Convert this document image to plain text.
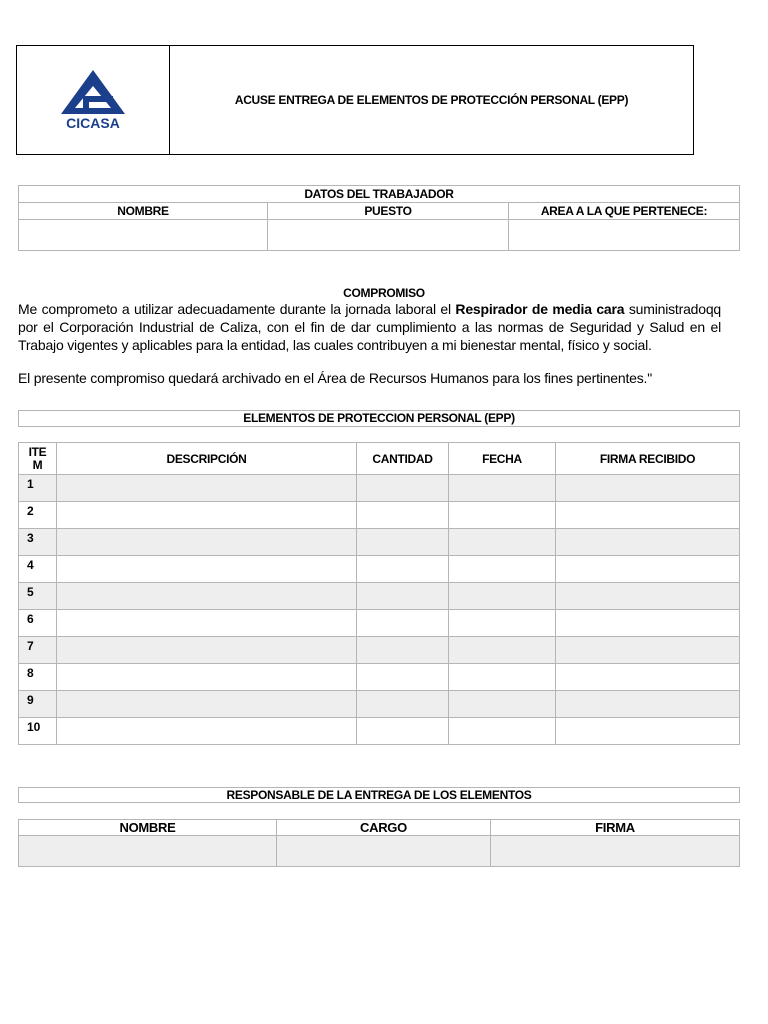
CICASA
ACUSE ENTREGA DE ELEMENTOS DE PROTECCIÓN PERSONAL (EPP)
DATOS DEL TRABAJADOR		
NOMBRE	PUESTO	AREA A LA QUE PERTENECE:

COMPROMISO
Me comprometo a utilizar adecuadamente durante la jornada laboral el Respirador de media cara suministradoqq por el Corporación Industrial de Caliza, con el fin de dar cumplimiento a las normas de Seguridad y Salud en el Trabajo vigentes y aplicables para la entidad, las cuales contribuyen a mi bienestar mental, físico y social.
El presente compromiso quedará archivado en el Área de Recursos Humanos para los fines pertinentes."
ELEMENTOS DE PROTECCION PERSONAL (EPP)
ITE
M	DESCRIPCIÓN	CANTIDAD	FECHA	FIRMA RECIBIDO
1				
2				
3				
4				
5				
6				
7				
8				
9				
10				
RESPONSABLE DE LA ENTREGA DE LOS ELEMENTOS
NOMBRE	CARGO	FIRMA
